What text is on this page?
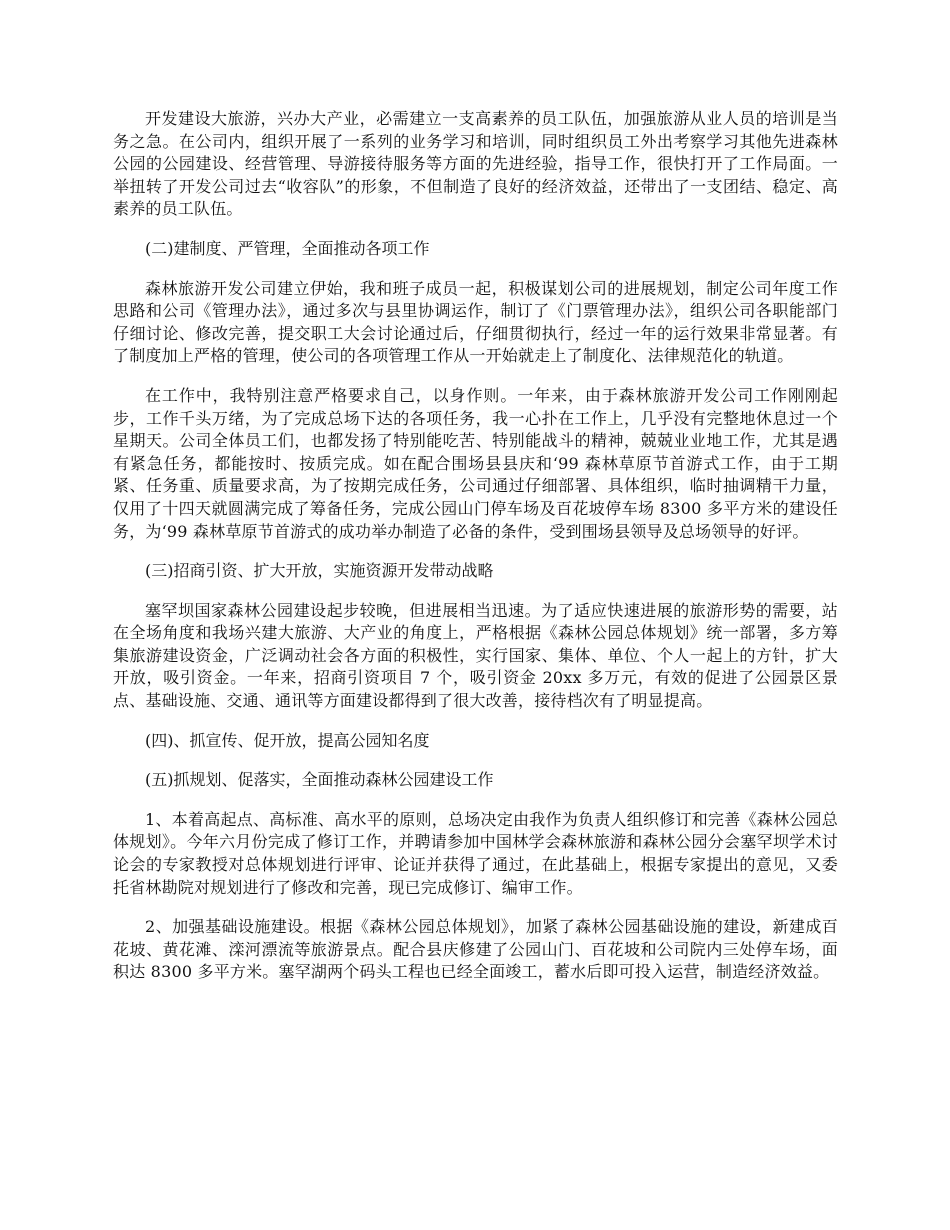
开发建设大旅游，兴办大产业，必需建立一支高素养的员工队伍，加强旅游从业人员的培训是当务之急。在公司内，组织开展了一系列的业务学习和培训，同时组织员工外出考察学习其他先进森林公园的公园建设、经营管理、导游接待服务等方面的先进经验，指导工作，很快打开了工作局面。一举扭转了开发公司过去“收容队”的形象，不但制造了良好的经济效益，还带出了一支团结、稳定、高素养的员工队伍。

(二)建制度、严管理，全面推动各项工作

森林旅游开发公司建立伊始，我和班子成员一起，积极谋划公司的进展规划，制定公司年度工作思路和公司《管理办法》，通过多次与县里协调运作，制订了《门票管理办法》，组织公司各职能部门仔细讨论、修改完善，提交职工大会讨论通过后，仔细贯彻执行，经过一年的运行效果非常显著。有了制度加上严格的管理，使公司的各项管理工作从一开始就走上了制度化、法律规范化的轨道。

在工作中，我特别注意严格要求自己，以身作则。一年来，由于森林旅游开发公司工作刚刚起步，工作千头万绪，为了完成总场下达的各项任务，我一心扑在工作上，几乎没有完整地休息过一个星期天。公司全体员工们，也都发扬了特别能吃苦、特别能战斗的精神，兢兢业业地工作，尤其是遇有紧急任务，都能按时、按质完成。如在配合围场县县庆和‘99 森林草原节首游式工作，由于工期紧、任务重、质量要求高，为了按期完成任务，公司通过仔细部署、具体组织，临时抽调精干力量，仅用了十四天就圆满完成了筹备任务，完成公园山门停车场及百花坡停车场 8300 多平方米的建设任务，为‘99 森林草原节首游式的成功举办制造了必备的条件，受到围场县领导及总场领导的好评。

(三)招商引资、扩大开放，实施资源开发带动战略

塞罕坝国家森林公园建设起步较晚，但进展相当迅速。为了适应快速进展的旅游形势的需要，站在全场角度和我场兴建大旅游、大产业的角度上，严格根据《森林公园总体规划》统一部署，多方筹集旅游建设资金，广泛调动社会各方面的积极性，实行国家、集体、单位、个人一起上的方针，扩大开放，吸引资金。一年来，招商引资项目 7 个，吸引资金 20xx 多万元，有效的促进了公园景区景点、基础设施、交通、通讯等方面建设都得到了很大改善，接待档次有了明显提高。

(四)、抓宣传、促开放，提高公园知名度

(五)抓规划、促落实，全面推动森林公园建设工作

1、本着高起点、高标准、高水平的原则，总场决定由我作为负责人组织修订和完善《森林公园总体规划》。今年六月份完成了修订工作，并聘请参加中国林学会森林旅游和森林公园分会塞罕坝学术讨论会的专家教授对总体规划进行评审、论证并获得了通过，在此基础上，根据专家提出的意见，又委托省林勘院对规划进行了修改和完善，现已完成修订、编审工作。

2、加强基础设施建设。根据《森林公园总体规划》，加紧了森林公园基础设施的建设，新建成百花坡、黄花滩、滦河漂流等旅游景点。配合县庆修建了公园山门、百花坡和公司院内三处停车场，面积达 8300 多平方米。塞罕湖两个码头工程也已经全面竣工，蓄水后即可投入运营，制造经济效益。
